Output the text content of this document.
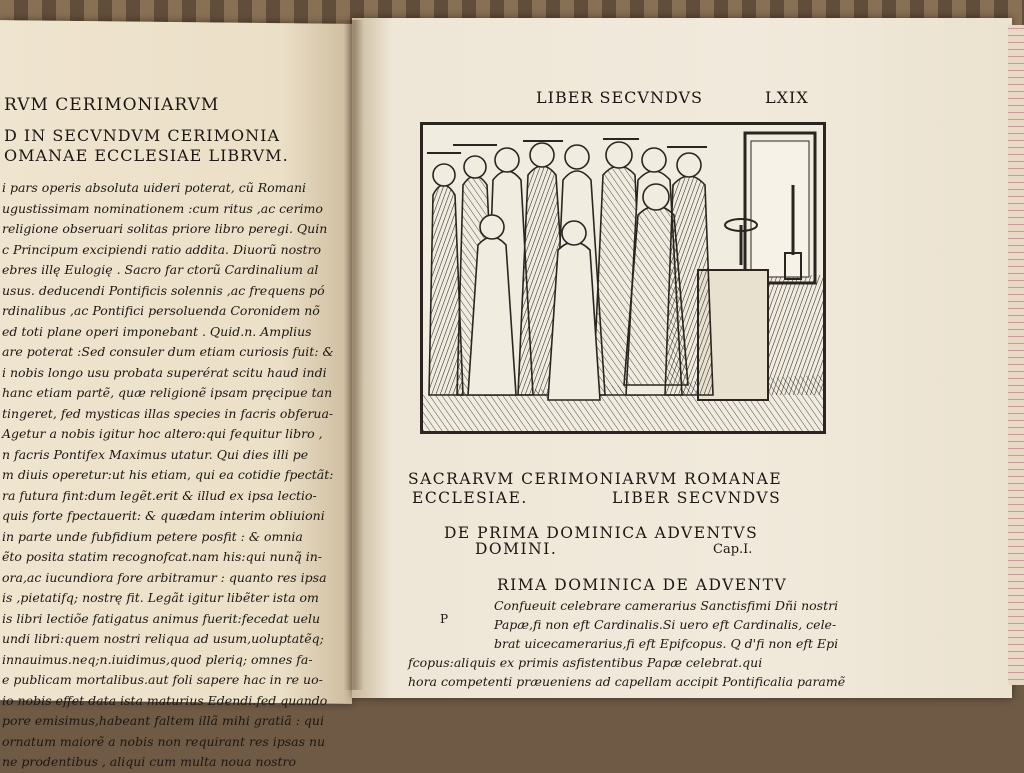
RVM CERIMONIARVM
D IN SECVNDVM CERIMONIA
OMANAE ECCLESIAE LIBRVM.
i pars operis absoluta uideri poterat, cũ Romani
ugustissimam nominationem :cum ritus ,ac cerimo
religione obseruari solitas priore libro peregi. Quin
c Principum excipiendi ratio addita. Diuorũ nostro
ebres illę Eulogię . Sacro far ctorũ Cardinalium al
usus. deducendi Pontificis solennis ,ac frequens pó
rdinalibus ,ac Pontifici persoluenda Coronidem nõ
ed toti plane operi imponebant . Quid.n. Amplius
are poterat :Sed consuler dum etiam curiosis fuit: &
i nobis longo usu probata superérat scitu haud indi
hanc etiam partẽ, quæ religionẽ ipsam pręcipue tan
tingeret, fed mysticas illas species in facris obferua-
Agetur a nobis igitur hoc altero:qui fequitur libro ,
n facris Pontifex Maximus utatur. Qui dies illi pe
m diuis operetur:ut his etiam, qui ea cotidie fpectãt:
ra futura fint:dum legẽt.erit & illud ex ipsa lectio-
quis forte fpectauerit: & quædam interim obliuioni
in parte unde fubfidium petere posfit : & omnia
ẽto posita statim recognofcat.nam his:qui nunq̃ in-
ora,ac iucundiora fore arbitramur : quanto res ipsa
is ,pietatifq; nostrę fit. Legãt igitur libẽter ista om
is libri lectiõe fatigatus animus fuerit:fecedat uelu
undi libri:quem nostri reliqua ad usum,uoluptatẽq;
innauimus.neq;n.iuidimus,quod pleriq; omnes fa-
e publicam mortalibus.aut foli sapere hac in re uo-
io nobis effet data ista maturius Edendi.fed quando
pore emisimus,habeant faltem illã mihi gratiã : qui
ornatum maiorẽ a nobis non requirant res ipsas nu
ne prodentibus , aliqui cum multa noua nostro
LIBER SECVNDVS	LXIX
SACRARVM CERIMONIARVM ROMANAE
ECCLESIAE.	LIBER SECVNDVS
DE PRIMA DOMINICA ADVENTVS
DOMINI.	Cap.I.
P
RIMA DOMINICA DE ADVENTV
Confueuit celebrare camerarius Sanctisfimi Dñi nostri
Papæ,fi non eft Cardinalis.Si uero eft Cardinalis, cele-
brat uicecamerarius,fi eft Epifcopus. Q d'fi non eft Epi
fcopus:aliquis ex primis asfistentibus Papæ celebrat.qui
hora competenti præueniens ad capellam accipit Pontificalia paramẽ
